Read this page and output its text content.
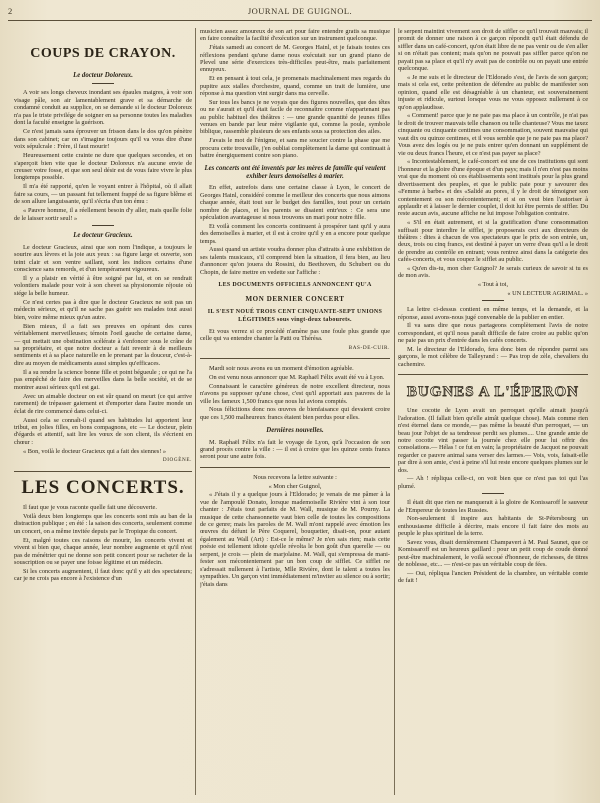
2	JOURNAL DE GUIGNOL.
COUPS DE CRAYON.
Le docteur Doloreux.

A voir ses longs cheveux inondant ses épaules maigres, à voir son visage pâle, son air lamentablement grave et sa démarche de condamné conduit au supplice, on se demande si le docteur Doloreux n'a pas le triste privilége de soigner en sa personne toutes les maladies dont la faculté enseigne la guérison.

Ce n'est jamais sans éprouver un frisson dans le dos qu'on pénètre dans son cabinet; car on s'imagine toujours qu'il va vous dire d'une voix sépulcrale : Frère, il faut mourir!

Heureusement cette crainte ne dure que quelques secondes, et on s'aperçoit bien vite que le docteur Doloreux n'a aucune envie de creuser votre fosse, et que son seul désir est de vous faire vivre le plus longtemps possible.

Il m'a été rapporté, qu'en le voyant entrer à l'hôpital, où il allait faire sa cours, — un passant fut tellement frappé de sa figure blême et de son allure languissante, qu'il s'écria d'un ton ému :

« Pauvre homme, il a réellement besoin d'y aller, mais quelle folie de le laisser sortir seul! »

Le docteur Gracieux.

Le docteur Gracieux, ainsi que son nom l'indique, a toujours le sourire aux lèvres et la joie aux yeux : sa figure large et ouverte, son teint clair et son ventre saillant, sont les indices certains d'une conscience sans remords, et d'un tempérament vigoureux.

Il y a plaisir en vérité à être soigné par lui, et on se rendrait volontiers malade pour voir à son chevet sa physionomie réjouie où siége la belle humeur.

Ce n'est certes pas à dire que le docteur Gracieux ne soit pas un médecin sérieux, et qu'il ne sache pas guérir ses malades tout aussi bien, voire même mieux qu'un autre.

Bien mieux, il a fait ses preuves en opérant des cures véritablement merveilleuses; témoin l'oeil gauche de certaine dame, — qui mettait une obstination scélérate à s'enfoncer sous le crâne de sa propriétaire, et que notre docteur a fait revenir à de meilleurs sentiments et à sa place naturelle en le prenant par la douceur, c'est-à-dire au moyen de médicaments aussi simples qu'efficaces.

Il a su rendre la science bonne fille et point bégueule ; ce qui ne l'a pas empêché de faire des merveilles dans la belle société, et de se montrer aussi sérieux qu'il est gai.

Avec un aimable docteur on est sûr quand on meurt (ce qui arrive rarement) de trépasser gaiement et d'emporter dans l'autre monde un éclat de rire commencé dans celui-ci.

Aussi cela se connaît-il quand ses habitudes lui apportent leur tribut, en jolies filles, en bons compagnons, etc — Le docteur, plein d'égards et attentif, sait lire les vœux de son client, ils s'écrient en chœur :

« Bon, voilà le docteur Gracieux qui a fait des siennes! »

DIOGÈNE.
LES CONCERTS.

Il faut que je vous raconte quelle fait une découverte.

Voilà deux bien longtemps que les concerts sont mis au ban de la distraction publique ; en été : la saison des concerts, seulement comme un concert, on a même invitée depuis par le Tropique du concert.

Et, malgré toutes ces raisons de mourir, les concerts vivent et vivent si bien que, chaque année, leur nombre augmente et qu'il n'est pas de ménétrier qui ne donne son petit concert pour se racheter de la souscription ou se payer une foisse légitime et un médecin.

Si les concerts augmentent, il faut donc qu'il y ait des spectateurs; car je ne crois pas encore à l'existence d'un

musicien assez amoureux de son art pour faire entendre gratis sa musique en faire connaître la facilité d'exécution sur un instrument quelconque.

J'étais samedi au concert de M. Georges Hainl, et je faisais toutes ces réflexions pendant qu'une dame nous exécutait sur un grand piano de Plevel une série d'exercices très-difficiles peut-être, mais parfaitement ennuyeux.

Et en pensant à tout cela, je promenais machinalement mes regards du pupitre aux stalles d'orchestre, quand, comme un trait de lumière, une réponse à ma question vint surgir dans ma cervelle.

Sur tous les bancs je ne voyais que des figures nouvelles, que des têtes ou ne s'aurait et qu'il était facile de reconnaître comme n'appartenant pas au public habituel des théâtres : — une grande quantité de jeunes filles venues en bande par leur mère vigilante qui, comme la poule, symbole biblique, rassemble plusieurs de ses enfants sous sa protection des ailes.

J'avais le mot de l'énigme, et sans me soucier contre la phase que me procura cette trouvaille, j'en oubliai complètement la dame qui continuait à battre énergiquement contre son piano.

Les concerts ont été inventés par les mères de famille qui veulent exhiber leurs demoiselles à marier.

En effet, autrefois dans une certaine classe à Lyon, le concert de Georges Hainl, considéré comme le meilleur des concerts que nous aimons chaque année, était tout sur le budget des familles, tout pour un certain nombre de places, et les parents se disaient entr'eux : Ce sera une spéculation avantageuse si nous trouvons un mari pour notre fille.

Et voilà comment les concerts continuent à prospérer tant qu'il y aura des demoiselles à marier, et il est à croire qu'il y en a encore pour quelque temps.

Aussi quand un artiste voudra donner plus d'attraits à une exhibition de ses talents musicaux, s'il comprend bien la situation, il fera bien, au lieu d'annoncer qu'on jouera du Rossini, du Beethoven, du Schubert ou du Chopin, de faire mettre en vedette sur l'affiche :

LES DOCUMENTS OFFICIELS ANNONCENT QU'A
MON DERNIER CONCERT
IL S'EST NOUÉ TROIS CENT CINQUANTE-SEPT UNIONS LÉGITIMES sous vingt-deux tabourets.

Et vous verrez si ce procédé n'amène pas une foule plus grande que celle qui va entendre chanter la Patti ou Thérésa.

BAS-DE-CUIR.

Mardi soir nous avons eu un moment d'émotion agréable.

On est venu nous annoncer que M. Raphaël Félix avait été vu à Lyon.

Connaissant le caractère généreux de notre excellent directeur, nous n'avons pu supposer qu'une chose, c'est qu'il apportait aux pauvres de la ville les fameux 1,500 francs que nous lui avions comptés.

Nous félicitions donc nos œuvres de bienfaisance qui devaient croire que ces 1,500 malheureux francs étaient bien perdus pour elles.

Dernières nouvelles.

M. Raphaël Félix n'a fait le voyage de Lyon, qu'à l'occasion de son grand procès contre la ville : — il est à croire que les quinze cents francs seront pour une autre fois.

Nous recevons la lettre suivante :

« Mon cher Guignol,

« J'étais il y a quelque jours à l'Eldorado; je venais de me pâmer à la vue de l'ampoulé Donato, lorsque mademoiselle Rivière vint à son tour chanter : J'étais tout parfaits de M. Wall, musique de M. Pourny. La musique de cette chansonnette vaut bien celle de toutes les compositions de ce genre; mais les paroles de M. Wall m'ont rappelé avec émotion les œuvres du défunt le Père Coquerel, bouquetier, disait-on, pour autant également au Wall (Art) : Est-ce le même? Je n'en sais rien; mais cette poésie est tellement idiote qu'elle révolta le bon goût d'un querelle — ou serpent, je crois — plein de marjolaine. M. Wall, qui s'empressa de mani-fester son mécontentement par un bon coup de sifflet. Ce sifflet ne s'adressait nullement à l'artiste, Mlle Rivière, dont le talent a toutes les sympathies. Un garçon vint immédiatement m'inviter au silence ou à sortir; j'étais dans

le serpent maintint vivement son droit de siffler ce qu'il trouvait mauvais; il promit de donner une raison à ce garçon répondit qu'il était défendu de siffler dans un café-concert, qu'on était libre de ne pas venir ou de s'en aller si on n'était pas content; mais qu'on ne pouvait pas siffler parce qu'on ne payait pas sa place et qu'il n'y avait pas de contrôle ou on payait une entrée quelconque.

« Je me suis et le directeur de l'Eldorado s'est, de l'avis de son garçon; mais si cela est, cette prétention de défendre au public de manifester son opinion, quand elle est désagréable à un chanteur, est souverainement injuste et ridicule, surtout lorsque vous ne vous opposez nullement à ce qu'on applaudisse.

« Comment! parce que je ne paie pas ma place à un contrôle, je n'ai pas le droit de trouver mauvais telle chanson ou telle chanteuse? Vous me taxez cinquante ou cinquante centimes une consommation, souvent mauvaise qui vaut dix ou quinze centimes, et il vous semble que je ne paie pas ma place? Vous avez des logés ou je ne puis entrer qu'en donnant un supplément de vie ou deux francs l'heure, et ce n'est pas payer sa place?

« Incontestablement, le café-concert est une de ces institutions qui sont l'honneur et la gloire d'une époque et d'un pays; mais il n'en n'est pas moins vrai que du moment où ces établissements sont institués pour la plus grand divertissement des peuples, et que le public paie pour y savourer des «Femme à barbe» et des «Salidé au pores, il y le droit de témoigner son contentement ou son mécontentement; et si on veut bien l'autoriser à applaudir et à laisser le dernier couplet, il doit lui être permis de siffler. Du reste aucun avis, aucune affiche ne lui impose l'obligation contraire.

« S'il en était autrement, et si la gratification d'une consommation suffisait pour interdire le sifflet, je proposerais ceci aux directeurs de théâtres : dites à chacun de vos spectateurs que le prix de son entrée, un, deux, trois ou cinq francs, est destiné à payer un verre d'eau qu'il a le droit de prendre au contrôle en entrant; vous rentrez ainsi dans la catégorie des cafés-concerts, et vous coupez le sifflet au public.

« Qu'en dis-tu, mon cher Guignol? Je serais curieux de savoir si tu es de mon avis.

« Tout à toi,

« UN LECTEUR AGRIMAL. »

La lettre ci-dessus contient en même temps, et la demande, et la réponse, aussi avons-nous jugé convenable de la publier en entier.

Il va sans dire que nous partageons complètement l'avis de notre correspondant, et qu'il nous paraît difficile de faire croire au public qu'on ne paie pas un prix d'entrée dans les cafés concerts.

M. le directeur de l'Eldorado, fera donc bien de répondre parmi ses garçons, le mot célèbre de Talleyrand : — Pas trop de zèle, chevaliers du cachemire.

BUGNES A L'ÉPERON

Une cocotte de Lyon avait un perroquet qu'elle aimait jusqu'à l'adoration. (Il fallait bien qu'elle aimât quelque chose). Mais comme rien n'est éternel dans ce monde,— pas même la beauté d'un perroquet, — un beau jour l'objet de sa tendresse perdit ses plumes.... Une grande amie de notre cocotte vint passer la journée chez elle pour lui offrir des consolations.— Hélas ! ce fut en vain; la propriétaire de Jacquot ne pouvait regarder ce pauvre animal sans verser des larmes.— Vois, vois, faisait-elle par dire à son amie, c'est à peine s'il lui reste encore quelques plumes sur le dos.

— Ah ! répliqua celle-ci, on voit bien que ce n'est pas toi qui l'as plumé.

Il était dit que rien ne manquerait à la gloire de Konissaroff le sauveur de l'Empereur de toutes les Russies.

Non-seulement il inspire aux habitants de St-Pétersbourg un enthousiasme difficile à décrire, mais encore il fait faire des mots au peuple le plus spirituel de la terre.

Savez vous, disait dernièrement Champavert à M. Paul Saunet, que ce Komissaroff est un heureux gaillard : pour un petit coup de coude donné peut-être machinalement, le voilà secoué d'honneur, de richesses, de titres de noblesse, etc... — n'est-ce pas un véritable coup de fées.

— Oui, répliqua l'ancien Président de la chambre, un véritable comte de fait !
